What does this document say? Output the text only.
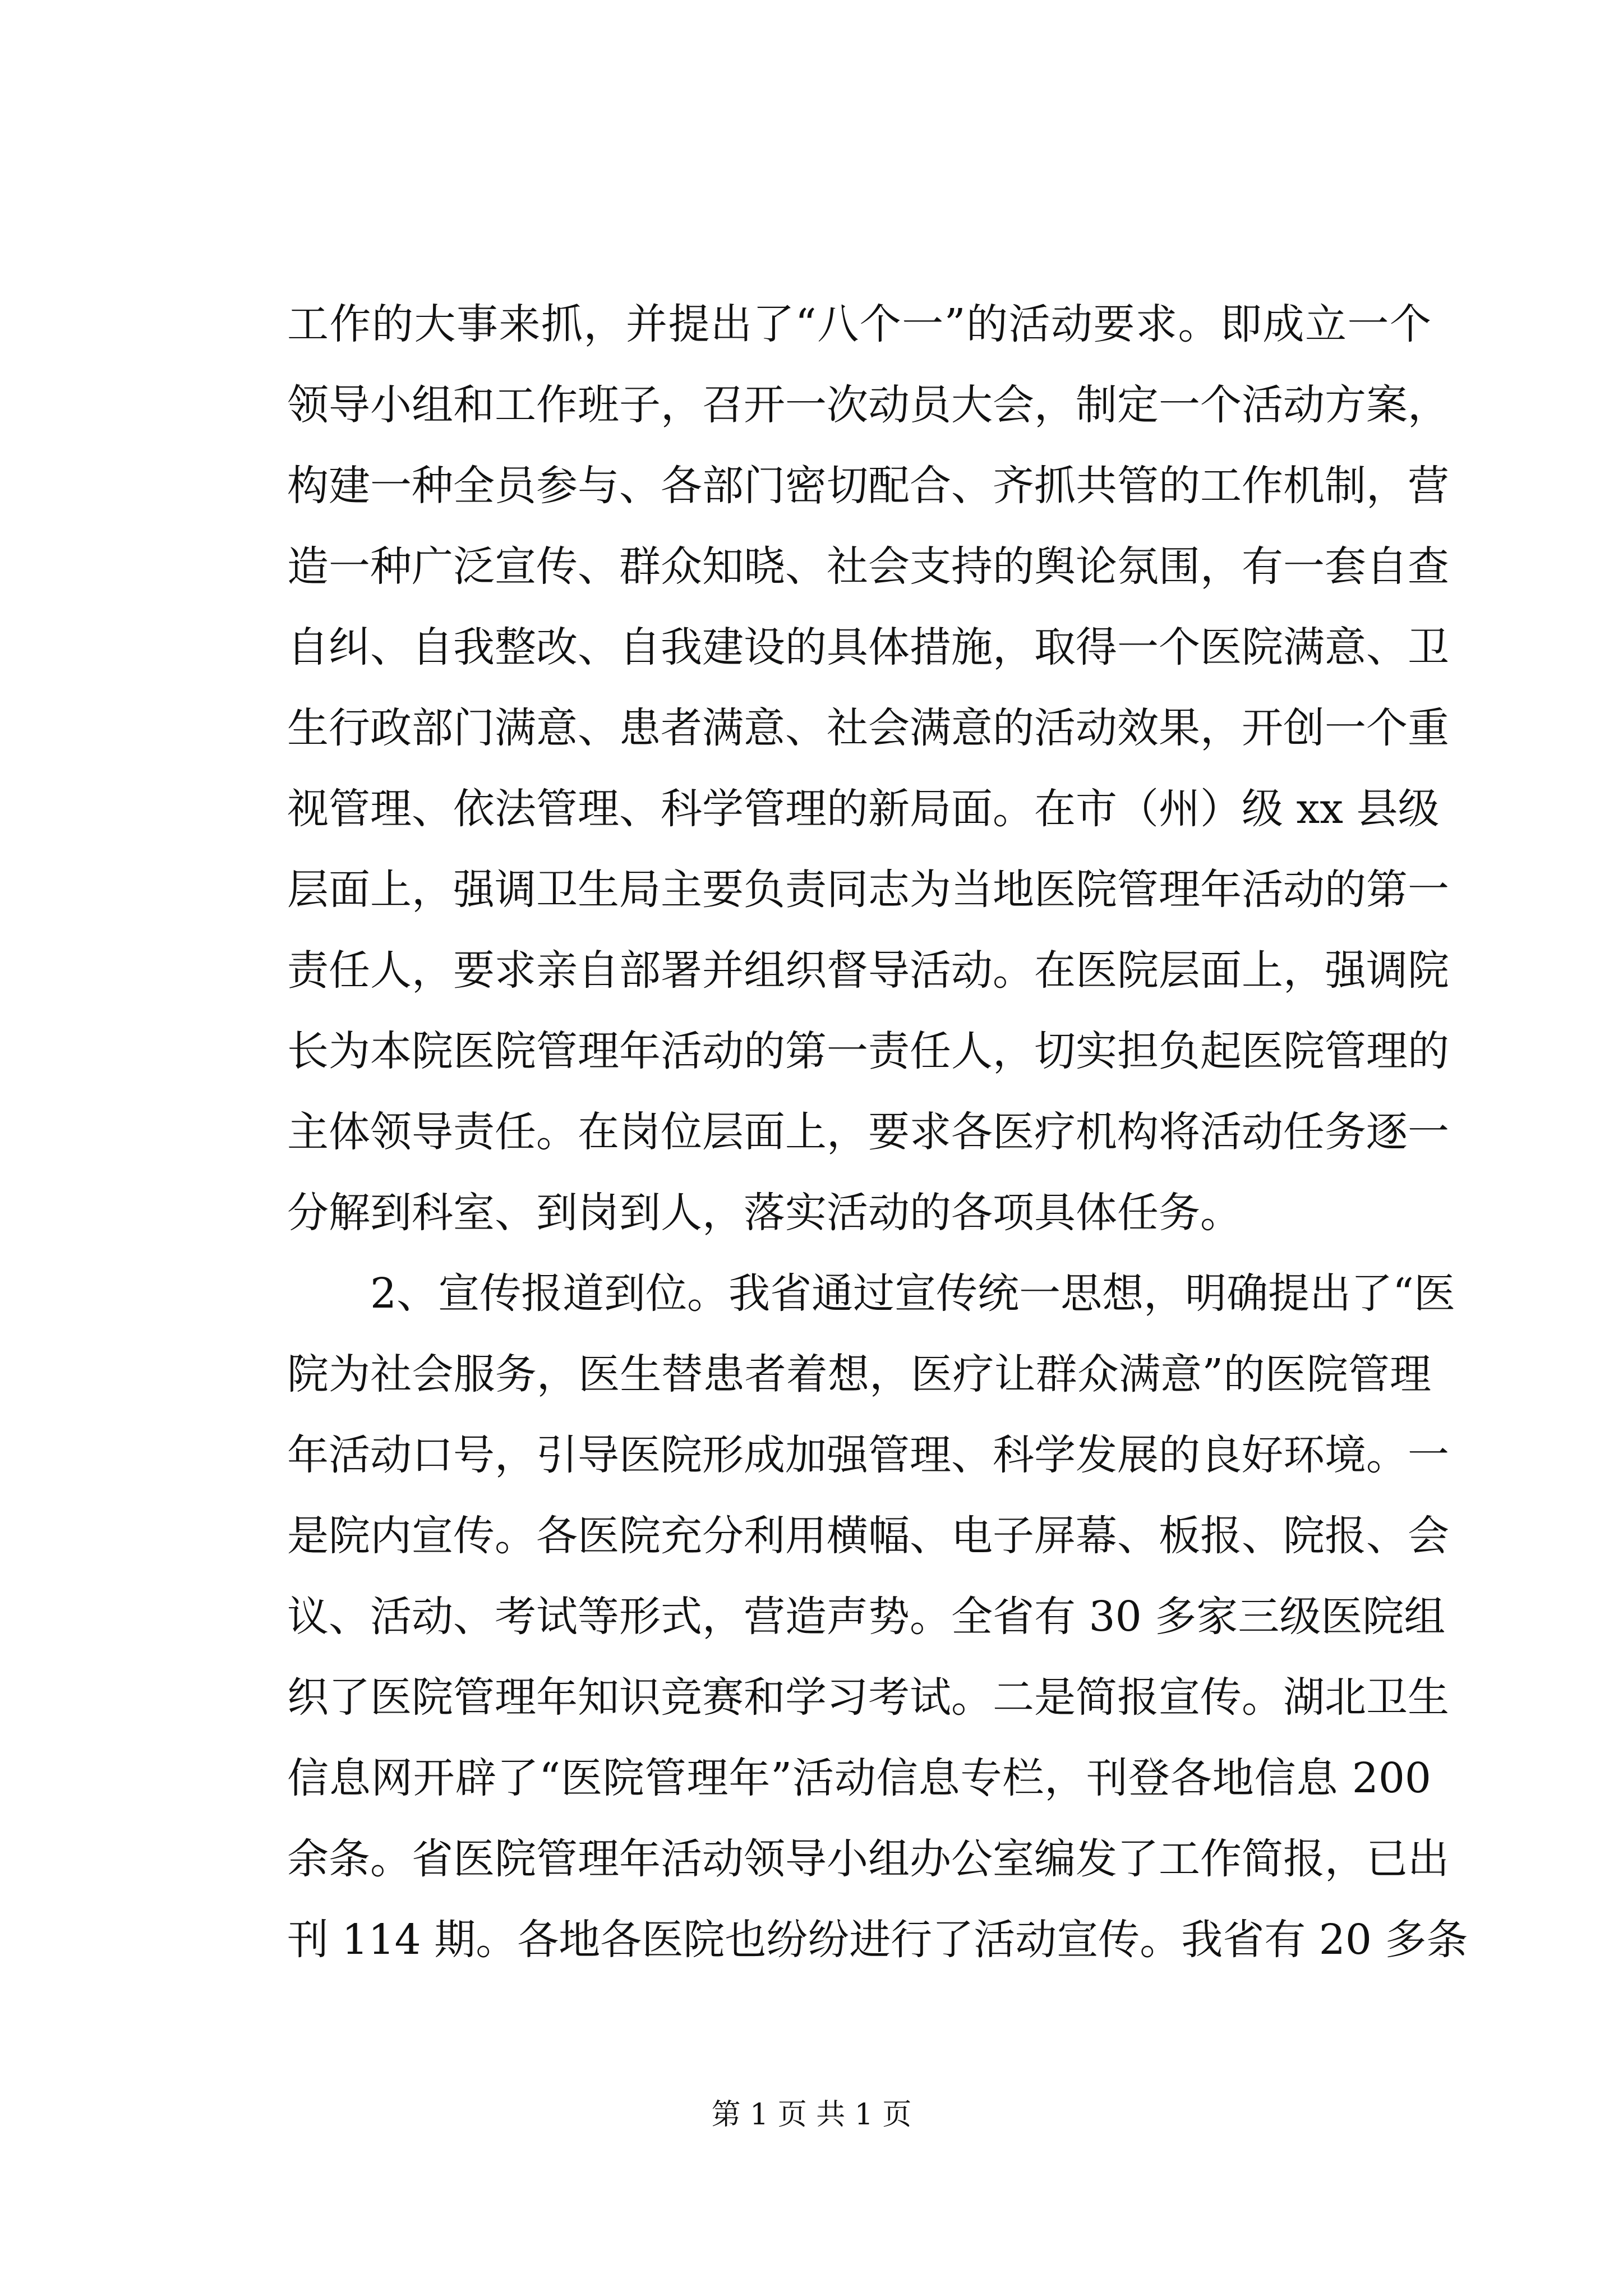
工作的大事来抓，并提出了“八个一”的活动要求。即成立一个
领导小组和工作班子，召开一次动员大会，制定一个活动方案，
构建一种全员参与、各部门密切配合、齐抓共管的工作机制，营
造一种广泛宣传、群众知晓、社会支持的舆论氛围，有一套自查
自纠、自我整改、自我建设的具体措施，取得一个医院满意、卫
生行政部门满意、患者满意、社会满意的活动效果，开创一个重
视管理、依法管理、科学管理的新局面。在市（州）级 xx 县级
层面上，强调卫生局主要负责同志为当地医院管理年活动的第一
责任人，要求亲自部署并组织督导活动。在医院层面上，强调院
长为本院医院管理年活动的第一责任人，切实担负起医院管理的
主体领导责任。在岗位层面上，要求各医疗机构将活动任务逐一
分解到科室、到岗到人，落实活动的各项具体任务。
2、宣传报道到位。我省通过宣传统一思想，明确提出了“医
院为社会服务，医生替患者着想，医疗让群众满意”的医院管理
年活动口号，引导医院形成加强管理、科学发展的良好环境。一
是院内宣传。各医院充分利用横幅、电子屏幕、板报、院报、会
议、活动、考试等形式，营造声势。全省有 30 多家三级医院组
织了医院管理年知识竞赛和学习考试。二是简报宣传。湖北卫生
信息网开辟了“医院管理年”活动信息专栏，刊登各地信息 200
余条。省医院管理年活动领导小组办公室编发了工作简报，已出
刊 114 期。各地各医院也纷纷进行了活动宣传。我省有 20 多条
第 1 页 共 1 页
